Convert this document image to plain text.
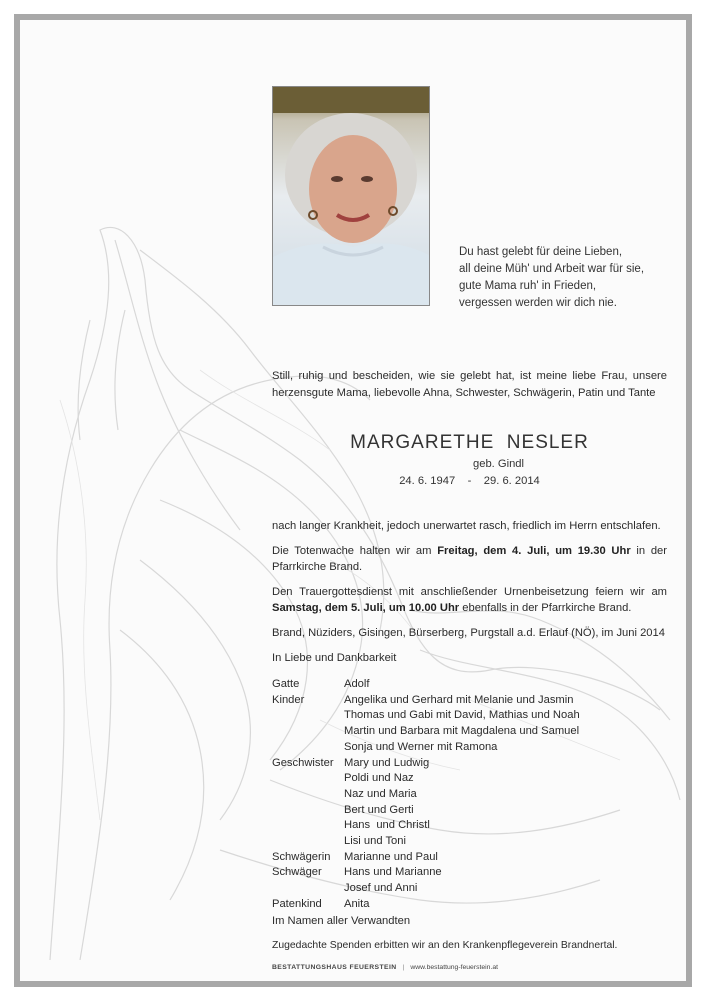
Du hast gelebt für deine Lieben,
all deine Müh' und Arbeit war für sie,
gute Mama ruh' in Frieden,
vergessen werden wir dich nie.
Still, ruhig und bescheiden, wie sie gelebt hat, ist meine liebe Frau, unsere herzensgute Mama, liebevolle Ahna, Schwester, Schwägerin, Patin und Tante
MARGARETHE  NESLER
geb. Gindl
24. 6. 1947 - 29. 6. 2014

nach langer Krankheit, jedoch unerwartet rasch, friedlich im Herrn entschlafen.

Die Totenwache halten wir am Freitag, dem 4. Juli, um 19.30 Uhr in der Pfarrkirche Brand.

Den Trauergottesdienst mit anschließender Urnenbeisetzung feiern wir am Samstag, dem 5. Juli, um 10.00 Uhr ebenfalls in der Pfarrkirche Brand.

Brand, Nüziders, Gisingen, Bürserberg, Purgstall a.d. Erlauf (NÖ), im Juni 2014

In Liebe und Dankbarkeit

Gatte	Adolf
Kinder	Angelika und Gerhard mit Melanie und Jasmin
Thomas und Gabi mit David, Mathias und Noah
Martin und Barbara mit Magdalena und Samuel
Sonja und Werner mit Ramona
Geschwister Mary und Ludwig
Poldi und Naz
Naz und Maria
Bert und Gerti
Hans  und Christl
Lisi und Toni
Schwägerin	Marianne und Paul
Schwäger	Hans und Marianne
Josef und Anni
Patenkind	Anita
Im Namen aller Verwandten
Zugedachte Spenden erbitten wir an den Krankenpflegeverein Brandnertal.
BESTATTUNGSHAUS FEUERSTEIN | www.bestattung-feuerstein.at
